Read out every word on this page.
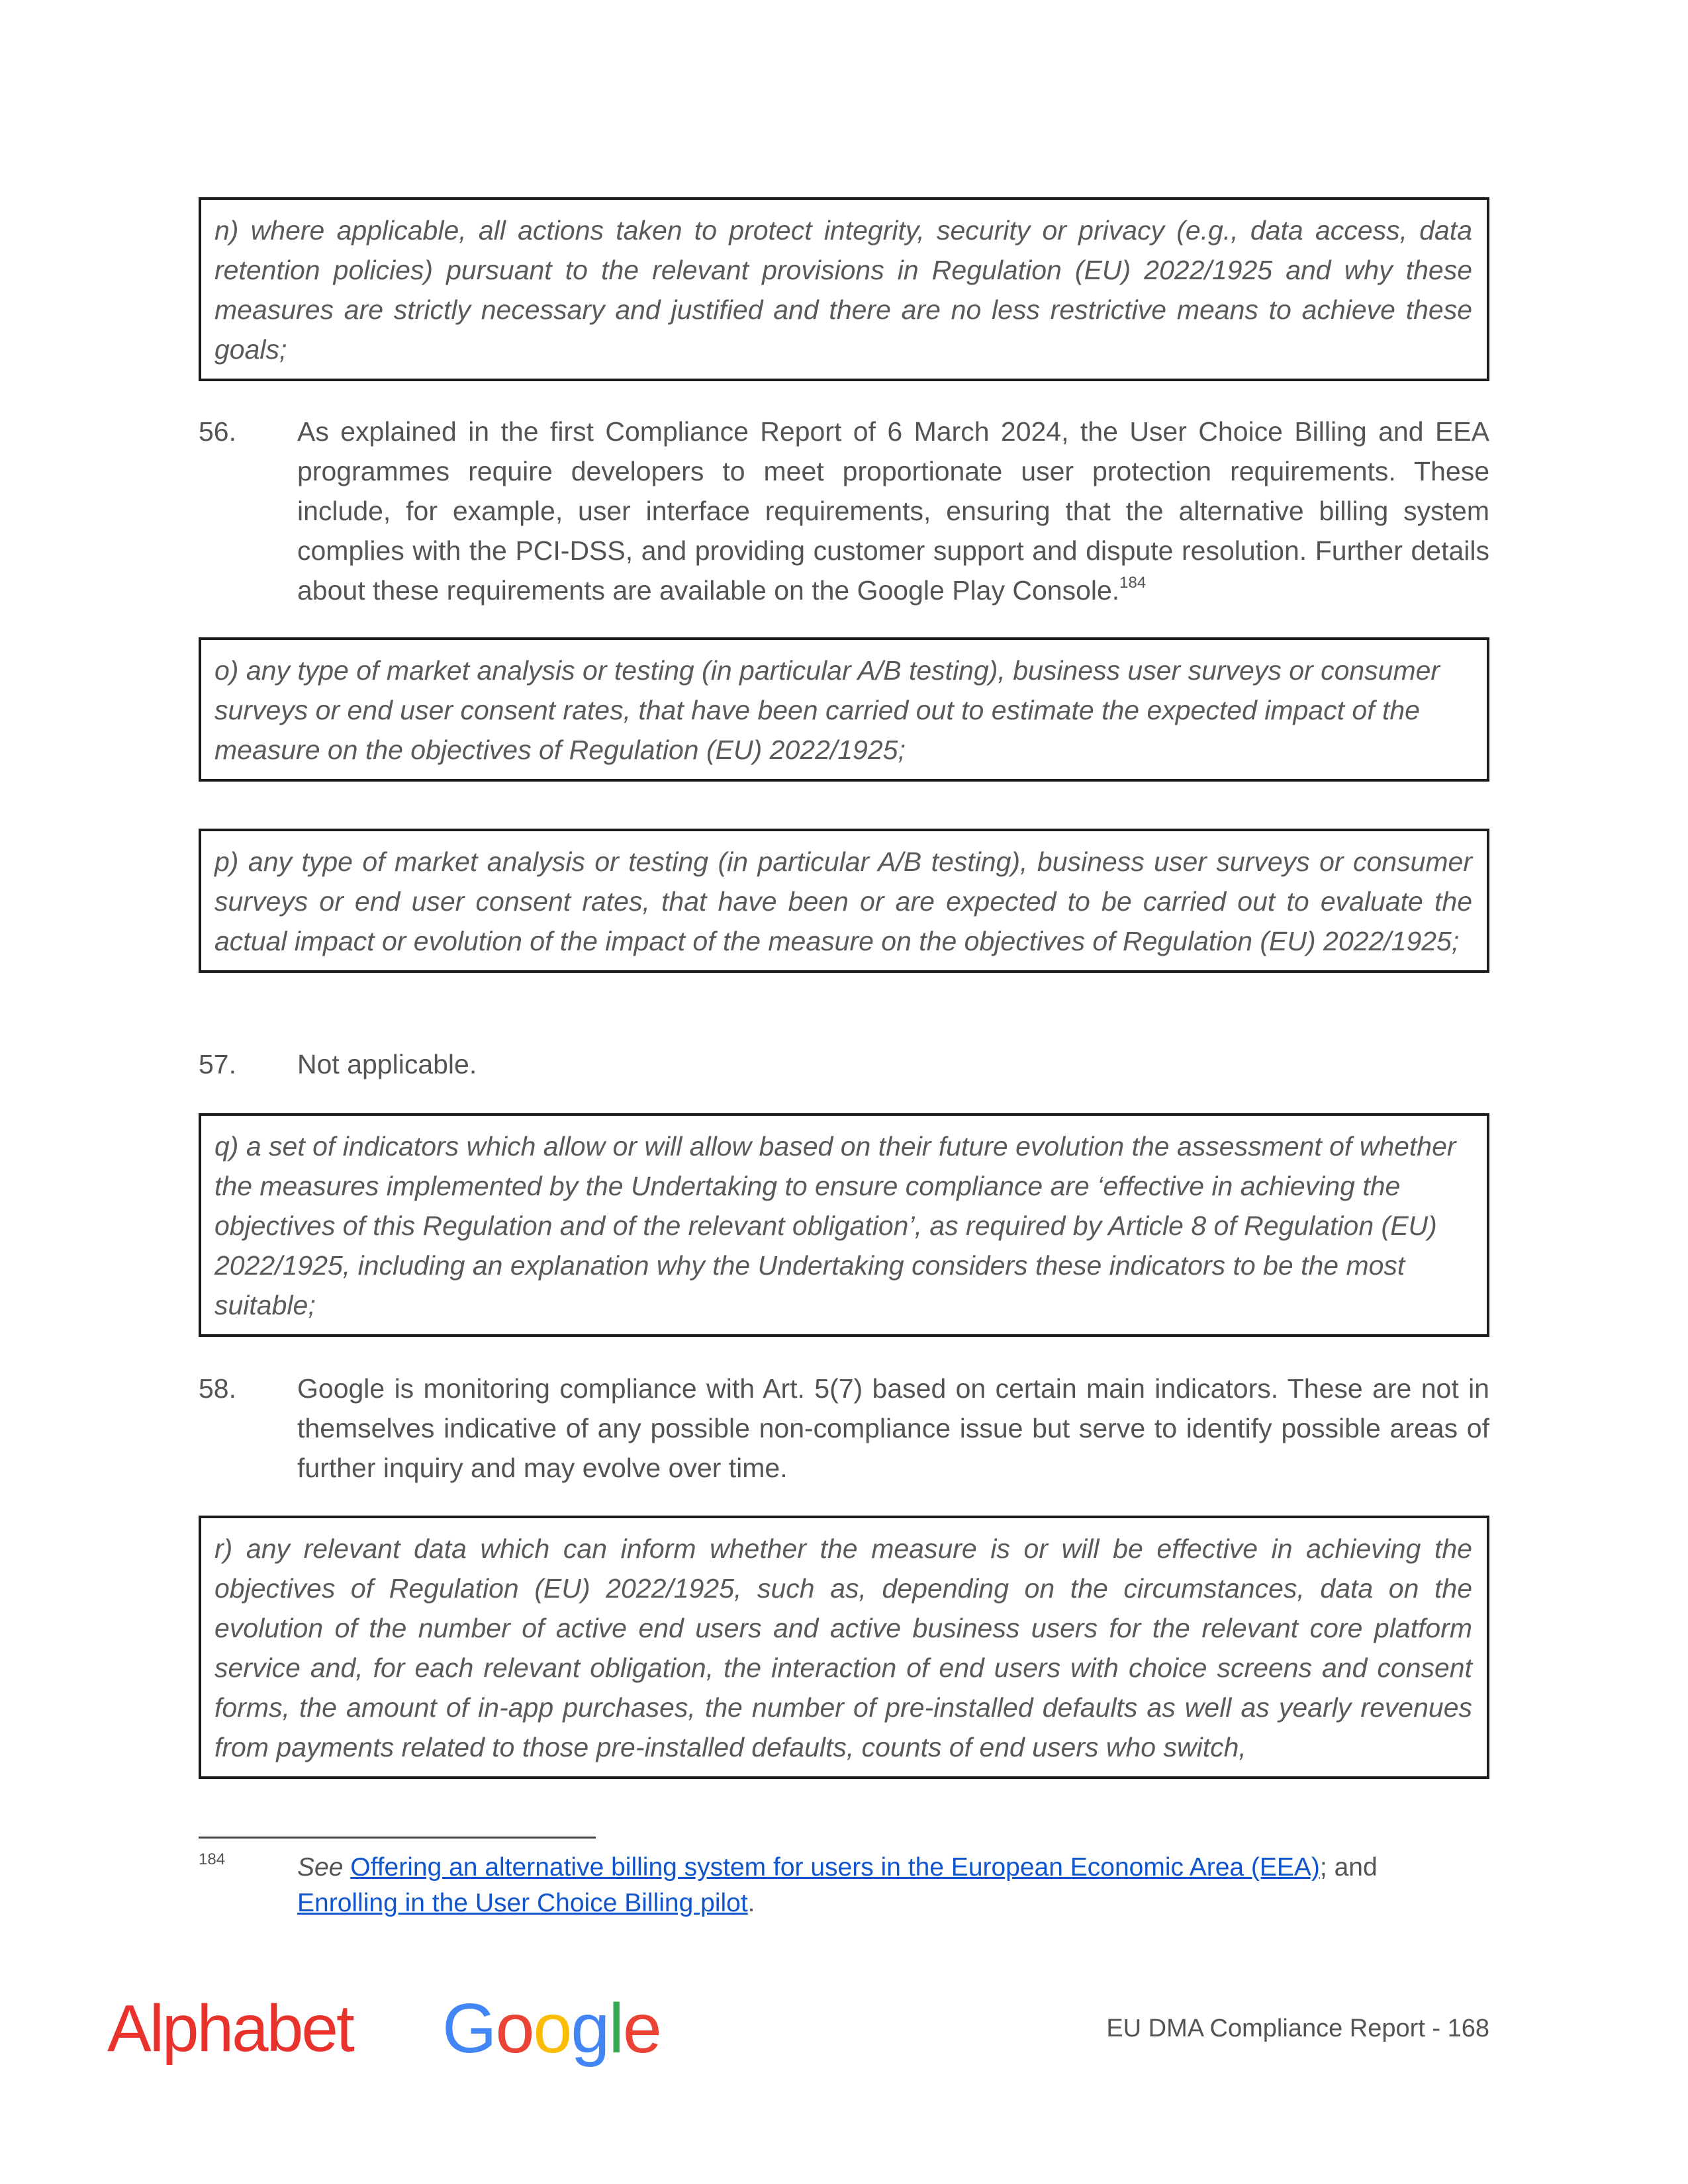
n) where applicable, all actions taken to protect integrity, security or privacy (e.g., data access, data retention policies) pursuant to the relevant provisions in Regulation (EU) 2022/1925 and why these measures are strictly necessary and justified and there are no less restrictive means to achieve these goals;
56. As explained in the first Compliance Report of 6 March 2024, the User Choice Billing and EEA programmes require developers to meet proportionate user protection requirements. These include, for example, user interface requirements, ensuring that the alternative billing system complies with the PCI-DSS, and providing customer support and dispute resolution. Further details about these requirements are available on the Google Play Console.$^{184}$
o) any type of market analysis or testing (in particular A/B testing), business user surveys or consumer surveys or end user consent rates, that have been carried out to estimate the expected impact of the measure on the objectives of Regulation (EU) 2022/1925;
p) any type of market analysis or testing (in particular A/B testing), business user surveys or consumer surveys or end user consent rates, that have been or are expected to be carried out to evaluate the actual impact or evolution of the impact of the measure on the objectives of Regulation (EU) 2022/1925;
57. Not applicable.
q) a set of indicators which allow or will allow based on their future evolution the assessment of whether the measures implemented by the Undertaking to ensure compliance are ‘effective in achieving the objectives of this Regulation and of the relevant obligation’, as required by Article 8 of Regulation (EU) 2022/1925, including an explanation why the Undertaking considers these indicators to be the most suitable;
58. Google is monitoring compliance with Art. 5(7) based on certain main indicators. These are not in themselves indicative of any possible non-compliance issue but serve to identify possible areas of further inquiry and may evolve over time.
r) any relevant data which can inform whether the measure is or will be effective in achieving the objectives of Regulation (EU) 2022/1925, such as, depending on the circumstances, data on the evolution of the number of active end users and active business users for the relevant core platform service and, for each relevant obligation, the interaction of end users with choice screens and consent forms, the amount of in-app purchases, the number of pre-installed defaults as well as yearly revenues from payments related to those pre-installed defaults, counts of end users who switch,
184	See Offering an alternative billing system for users in the European Economic Area (EEA); and
Enrolling in the User Choice Billing pilot.
Alphabet Google	EU DMA Compliance Report - 168
